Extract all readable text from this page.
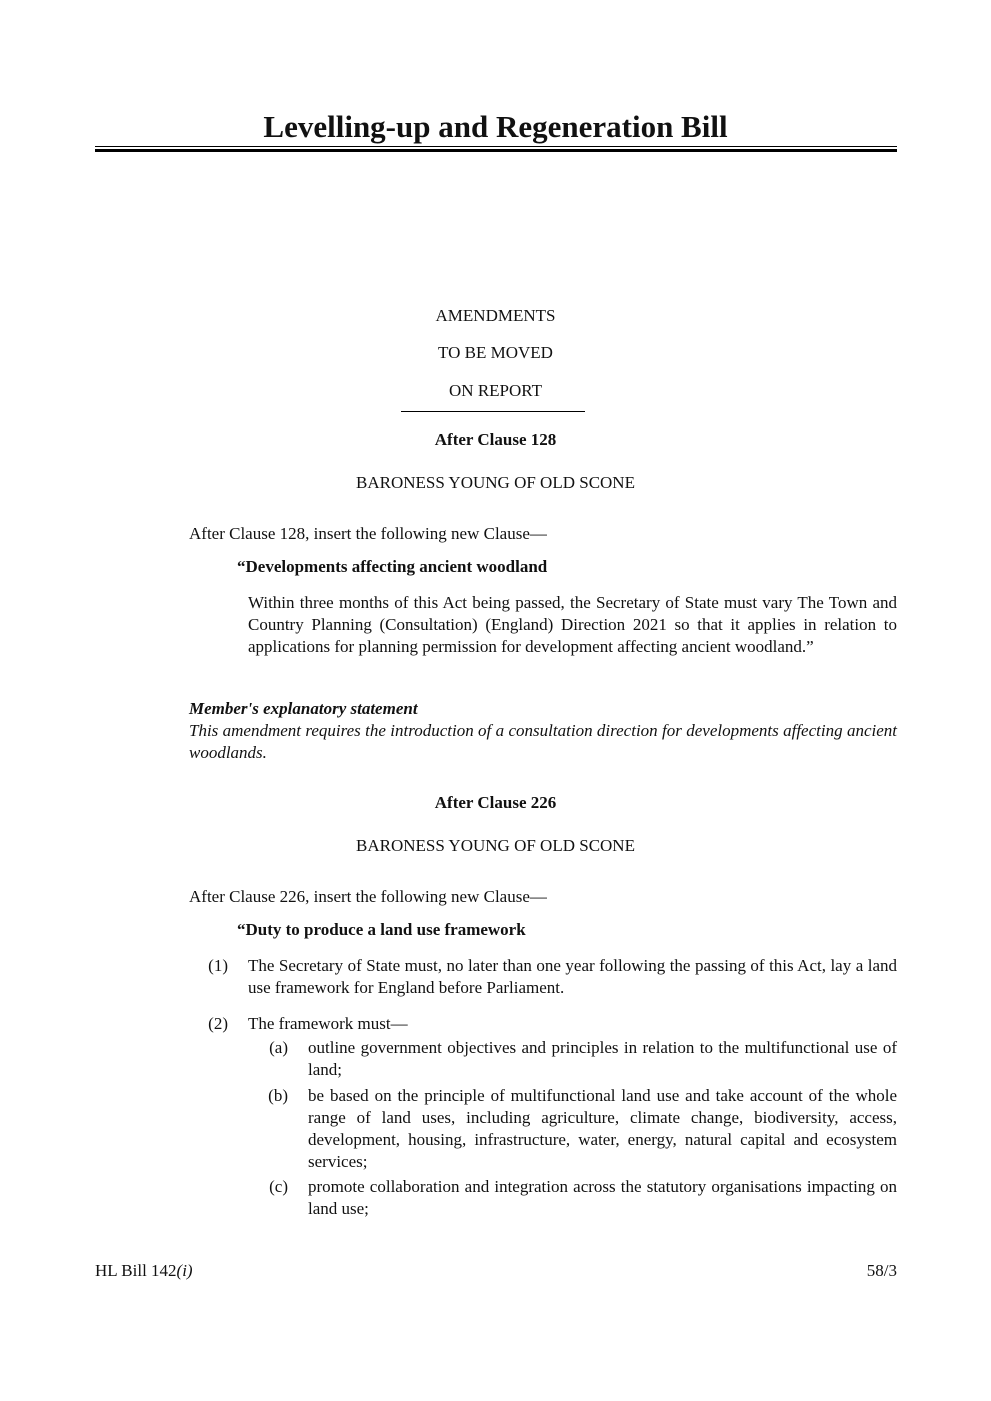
Levelling-up and Regeneration Bill
AMENDMENTS
TO BE MOVED
ON REPORT
After Clause 128
BARONESS YOUNG OF OLD SCONE
After Clause 128, insert the following new Clause—
“Developments affecting ancient woodland
Within three months of this Act being passed, the Secretary of State must vary The Town and Country Planning (Consultation) (England) Direction 2021 so that it applies in relation to applications for planning permission for development affecting ancient woodland.”
Member's explanatory statement
This amendment requires the introduction of a consultation direction for developments affecting ancient woodlands.
After Clause 226
BARONESS YOUNG OF OLD SCONE
After Clause 226, insert the following new Clause—
“Duty to produce a land use framework
(1) The Secretary of State must, no later than one year following the passing of this Act, lay a land use framework for England before Parliament.
(2) The framework must—
(a) outline government objectives and principles in relation to the multifunctional use of land;
(b) be based on the principle of multifunctional land use and take account of the whole range of land uses, including agriculture, climate change, biodiversity, access, development, housing, infrastructure, water, energy, natural capital and ecosystem services;
(c) promote collaboration and integration across the statutory organisations impacting on land use;
HL Bill 142(i)	58/3
